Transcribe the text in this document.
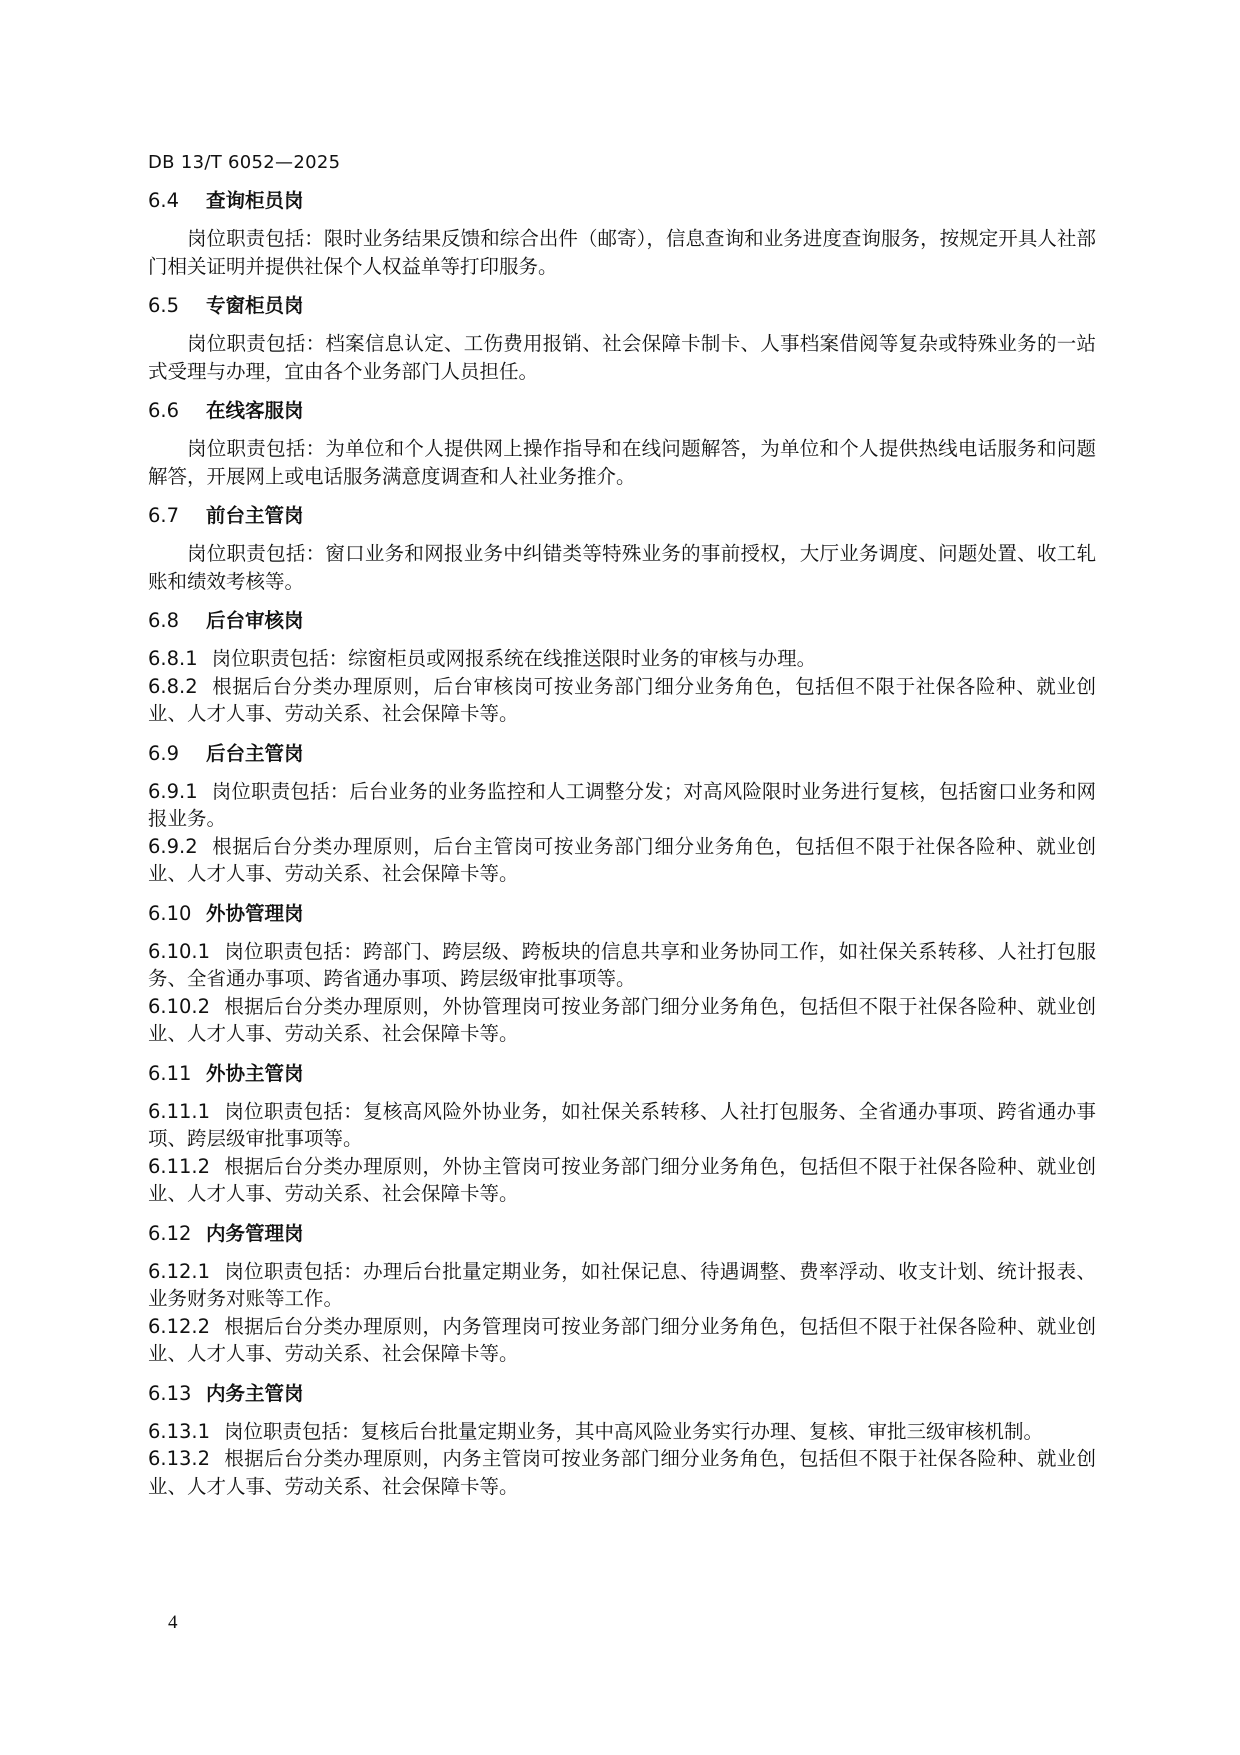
DB 13/T 6052—2025
6.4 查询柜员岗
岗位职责包括：限时业务结果反馈和综合出件（邮寄），信息查询和业务进度查询服务，按规定开具人社部门相关证明并提供社保个人权益单等打印服务。
6.5 专窗柜员岗
岗位职责包括：档案信息认定、工伤费用报销、社会保障卡制卡、人事档案借阅等复杂或特殊业务的一站式受理与办理，宜由各个业务部门人员担任。
6.6 在线客服岗
岗位职责包括：为单位和个人提供网上操作指导和在线问题解答，为单位和个人提供热线电话服务和问题解答，开展网上或电话服务满意度调查和人社业务推介。
6.7 前台主管岗
岗位职责包括：窗口业务和网报业务中纠错类等特殊业务的事前授权，大厅业务调度、问题处置、收工轧账和绩效考核等。
6.8 后台审核岗
6.8.1 岗位职责包括：综窗柜员或网报系统在线推送限时业务的审核与办理。
6.8.2 根据后台分类办理原则，后台审核岗可按业务部门细分业务角色，包括但不限于社保各险种、就业创业、人才人事、劳动关系、社会保障卡等。
6.9 后台主管岗
6.9.1 岗位职责包括：后台业务的业务监控和人工调整分发；对高风险限时业务进行复核，包括窗口业务和网报业务。
6.9.2 根据后台分类办理原则，后台主管岗可按业务部门细分业务角色，包括但不限于社保各险种、就业创业、人才人事、劳动关系、社会保障卡等。
6.10 外协管理岗
6.10.1 岗位职责包括：跨部门、跨层级、跨板块的信息共享和业务协同工作，如社保关系转移、人社打包服务、全省通办事项、跨省通办事项、跨层级审批事项等。
6.10.2 根据后台分类办理原则，外协管理岗可按业务部门细分业务角色，包括但不限于社保各险种、就业创业、人才人事、劳动关系、社会保障卡等。
6.11 外协主管岗
6.11.1 岗位职责包括：复核高风险外协业务，如社保关系转移、人社打包服务、全省通办事项、跨省通办事项、跨层级审批事项等。
6.11.2 根据后台分类办理原则，外协主管岗可按业务部门细分业务角色，包括但不限于社保各险种、就业创业、人才人事、劳动关系、社会保障卡等。
6.12 内务管理岗
6.12.1 岗位职责包括：办理后台批量定期业务，如社保记息、待遇调整、费率浮动、收支计划、统计报表、业务财务对账等工作。
6.12.2 根据后台分类办理原则，内务管理岗可按业务部门细分业务角色，包括但不限于社保各险种、就业创业、人才人事、劳动关系、社会保障卡等。
6.13 内务主管岗
6.13.1 岗位职责包括：复核后台批量定期业务，其中高风险业务实行办理、复核、审批三级审核机制。
6.13.2 根据后台分类办理原则，内务主管岗可按业务部门细分业务角色，包括但不限于社保各险种、就业创业、人才人事、劳动关系、社会保障卡等。
4
